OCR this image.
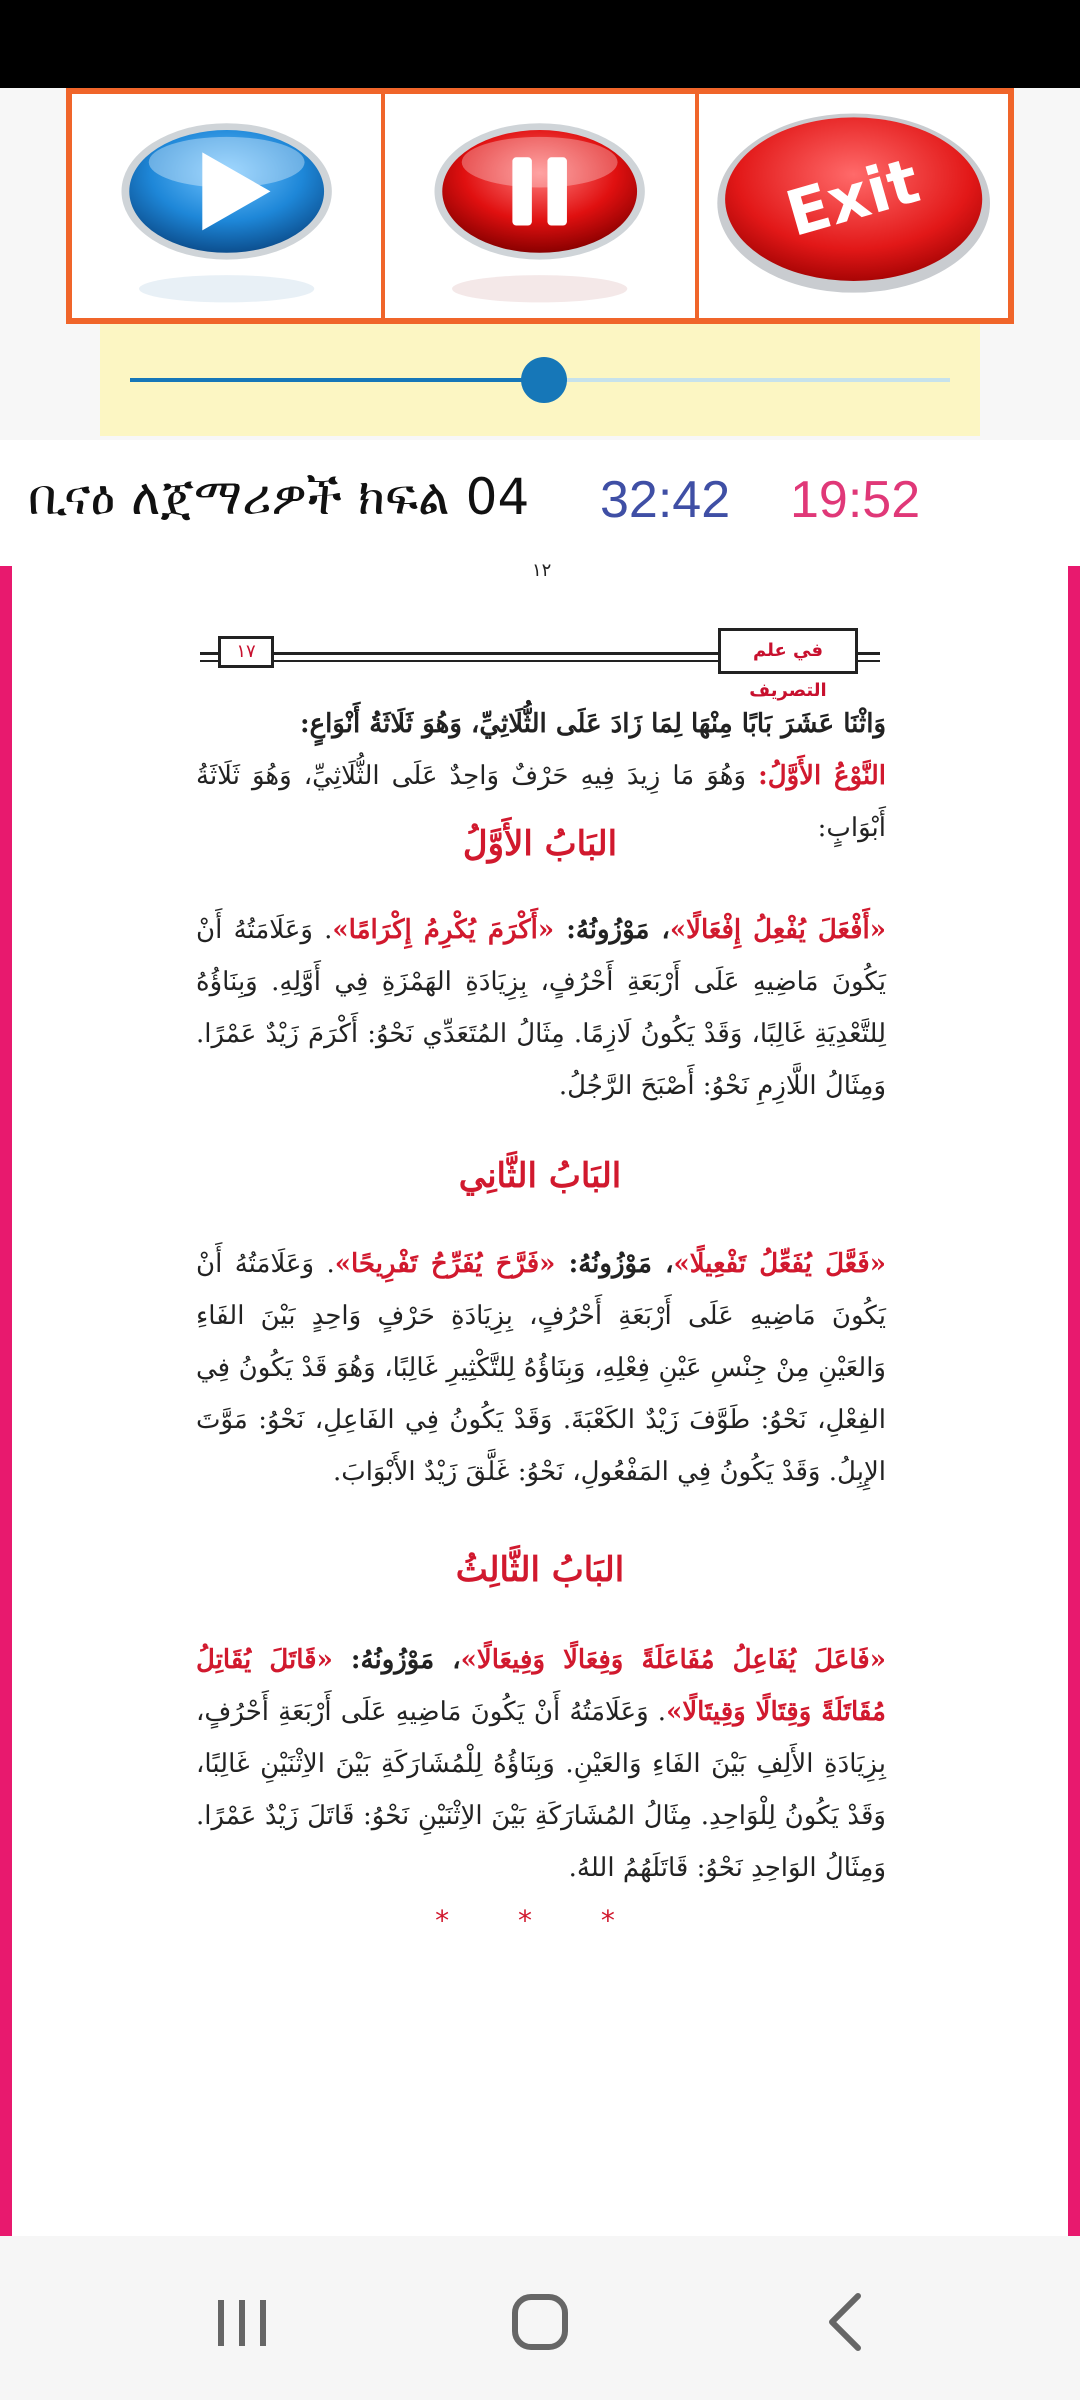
Exit
ቢናዕ ለጀማሪዎች ክፍል 04 32:42 19:52
١٢
١٧	في علم التصريف
وَاثْنَا عَشَرَ بَابًا مِنْهَا لِمَا زَادَ عَلَى الثُّلَاثِيِّ، وَهُوَ ثَلَاثَةُ أَنْوَاعٍ:
النَّوْعُ الأَوَّلُ: وَهُوَ مَا زِيدَ فِيهِ حَرْفٌ وَاحِدٌ عَلَى الثُّلَاثِيِّ، وَهُوَ ثَلَاثَةُ أَبْوَابٍ:
البَابُ الأَوَّلُ
«أَفْعَلَ يُفْعِلُ إِفْعَالًا»، مَوْزُونُهُ: «أَكْرَمَ يُكْرِمُ إِكْرَامًا». وَعَلَامَتُهُ أَنْ يَكُونَ مَاضِيهِ عَلَى أَرْبَعَةِ أَحْرُفٍ، بِزِيَادَةِ الهَمْزَةِ فِي أَوَّلِهِ. وَبِنَاؤُهُ لِلتَّعْدِيَةِ غَالِبًا، وَقَدْ يَكُونُ لَازِمًا. مِثَالُ المُتَعَدِّي نَحْوُ: أَكْرَمَ زَيْدٌ عَمْرًا. وَمِثَالُ اللَّازِمِ نَحْوُ: أَصْبَحَ الرَّجُلُ.
البَابُ الثَّانِي
«فَعَّلَ يُفَعِّلُ تَفْعِيلًا»، مَوْزُونُهُ: «فَرَّحَ يُفَرِّحُ تَفْرِيحًا». وَعَلَامَتُهُ أَنْ يَكُونَ مَاضِيهِ عَلَى أَرْبَعَةِ أَحْرُفٍ، بِزِيَادَةِ حَرْفٍ وَاحِدٍ بَيْنَ الفَاءِ وَالعَيْنِ مِنْ جِنْسِ عَيْنِ فِعْلِهِ، وَبِنَاؤُهُ لِلتَّكْثِيرِ غَالِبًا، وَهُوَ قَدْ يَكُونُ فِي الفِعْلِ، نَحْوُ: طَوَّفَ زَيْدٌ الكَعْبَةَ. وَقَدْ يَكُونُ فِي الفَاعِلِ، نَحْوُ: مَوَّتَ الإِبِلُ. وَقَدْ يَكُونُ فِي المَفْعُولِ، نَحْوُ: غَلَّقَ زَيْدٌ الأَبْوَابَ.
البَابُ الثَّالِثُ
«فَاعَلَ يُفَاعِلُ مُفَاعَلَةً وَفِعَالًا وَفِيعَالًا»، مَوْزُونُهُ: «قَاتَلَ يُقَاتِلُ مُقَاتَلَةً وَقِتَالًا وَقِيتَالًا». وَعَلَامَتُهُ أَنْ يَكُونَ مَاضِيهِ عَلَى أَرْبَعَةِ أَحْرُفٍ، بِزِيَادَةِ الأَلِفِ بَيْنَ الفَاءِ وَالعَيْنِ. وَبِنَاؤُهُ لِلْمُشَارَكَةِ بَيْنَ الاِثْنَيْنِ غَالِبًا، وَقَدْ يَكُونُ لِلْوَاحِدِ. مِثَالُ المُشَارَكَةِ بَيْنَ الاِثْنَيْنِ نَحْوُ: قَاتَلَ زَيْدٌ عَمْرًا. وَمِثَالُ الوَاحِدِ نَحْوُ: قَاتَلَهُمُ اللهُ.
* * *
